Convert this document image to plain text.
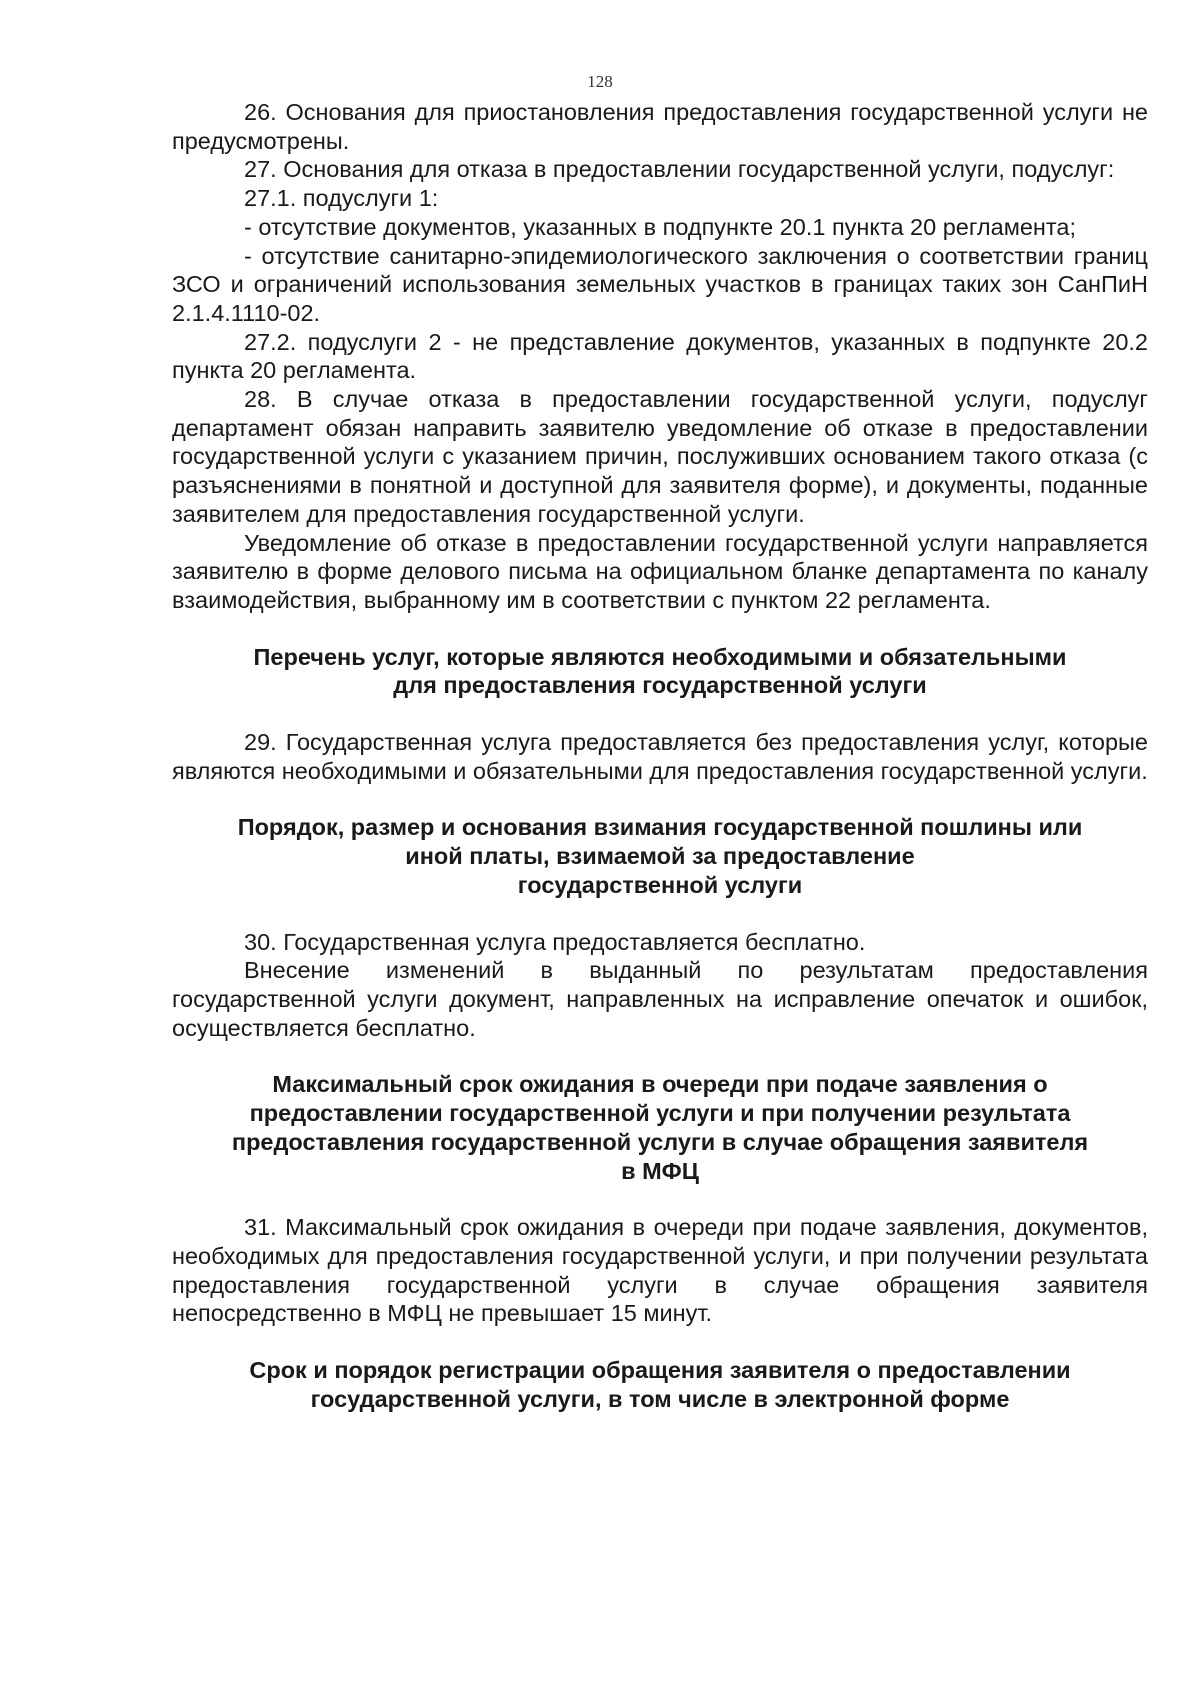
128

26. Основания для приостановления предоставления государственной услуги не предусмотрены.

27. Основания для отказа в предоставлении государственной услуги, подуслуг:

27.1. подуслуги 1:

- отсутствие документов, указанных в подпункте 20.1 пункта 20 регламента;

- отсутствие санитарно-эпидемиологического заключения о соответствии границ ЗСО и ограничений использования земельных участков в границах таких зон СанПиН 2.1.4.1110-02.

27.2. подуслуги 2 - не представление документов, указанных в подпункте 20.2 пункта 20 регламента.

28. В случае отказа в предоставлении государственной услуги, подуслуг департамент обязан направить заявителю уведомление об отказе в предоставлении государственной услуги с указанием причин, послуживших основанием такого отказа (с разъяснениями в понятной и доступной для заявителя форме), и документы, поданные заявителем для предоставления государственной услуги.

Уведомление об отказе в предоставлении государственной услуги направляется заявителю в форме делового письма на официальном бланке департамента по каналу взаимодействия, выбранному им в соответствии с пунктом 22 регламента.

Перечень услуг, которые являются необходимыми и обязательными
для предоставления государственной услуги

29. Государственная услуга предоставляется без предоставления услуг, которые являются необходимыми и обязательными для предоставления государственной услуги.

Порядок, размер и основания взимания государственной пошлины или
иной платы, взимаемой за предоставление
государственной услуги

30. Государственная услуга предоставляется бесплатно.

Внесение изменений в выданный по результатам предоставления государственной услуги документ, направленных на исправление опечаток и ошибок, осуществляется бесплатно.

Максимальный срок ожидания в очереди при подаче заявления о
предоставлении государственной услуги и при получении результата
предоставления государственной услуги в случае обращения заявителя
в МФЦ

31. Максимальный срок ожидания в очереди при подаче заявления, документов, необходимых для предоставления государственной услуги, и при получении результата предоставления государственной услуги в случае обращения заявителя непосредственно в МФЦ не превышает 15 минут.

Срок и порядок регистрации обращения заявителя о предоставлении
государственной услуги, в том числе в электронной форме
